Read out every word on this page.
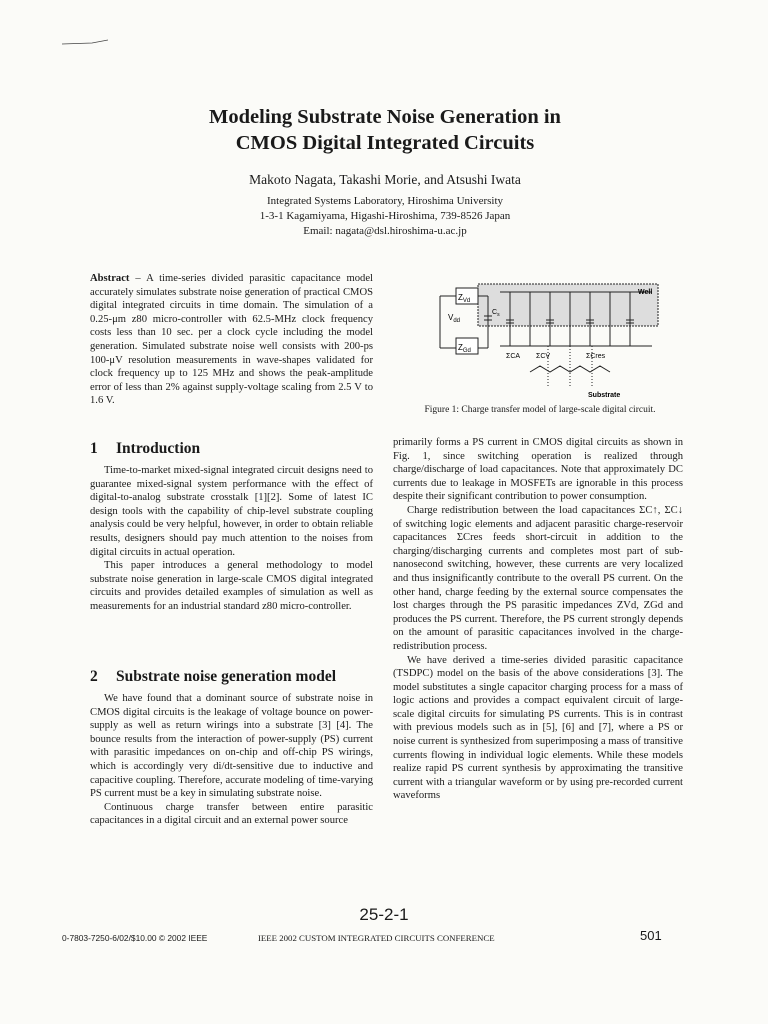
Modeling Substrate Noise Generation in
CMOS Digital Integrated Circuits
Makoto Nagata, Takashi Morie, and Atsushi Iwata
Integrated Systems Laboratory, Hiroshima University
1-3-1 Kagamiyama, Higashi-Hiroshima, 739-8526 Japan
Email: nagata@dsl.hiroshima-u.ac.jp

Abstract – A time-series divided parasitic capacitance model accurately simulates substrate noise generation of practical CMOS digital integrated circuits in time domain. The simulation of a 0.25-μm z80 micro-controller with 62.5-MHz clock frequency costs less than 10 sec. per a clock cycle including the model generation. Simulated substrate noise well consists with 200-ps 100-μV resolution measurements in wave-shapes validated for clock frequency up to 125 MHz and shows the peak-amplitude error of less than 2% against supply-voltage scaling from 2.5 V to 1.6 V.

1 Introduction

Time-to-market mixed-signal integrated circuit designs need to guarantee mixed-signal system performance with the effect of digital-to-analog substrate crosstalk [1][2]. Some of latest IC design tools with the capability of chip-level substrate coupling analysis could be very helpful, however, in order to obtain reliable results, designers should pay much attention to the noises from digital circuits in actual operation.

This paper introduces a general methodology to model substrate noise generation in large-scale CMOS digital integrated circuits and provides detailed examples of simulation as well as measurements for an industrial standard z80 micro-controller.

2 Substrate noise generation model

We have found that a dominant source of substrate noise in CMOS digital circuits is the leakage of voltage bounce on power-supply as well as return wirings into a substrate [3] [4]. The bounce results from the interaction of power-supply (PS) current with parasitic impedances on on-chip and off-chip PS wirings, which is accordingly very di/dt-sensitive due to inductive and capacitive coupling. Therefore, accurate modeling of time-varying PS current must be a key in simulating substrate noise.

Continuous charge transfer between entire parasitic capacitances in a digital circuit and an external power source

$Z_{Vd}$
$V_{dd}$
$C_s$
$Z_{Gd}$
Well
ΣCA ΣCV	ΣCres
Substrate
Figure 1: Charge transfer model of large-scale digital circuit.

primarily forms a PS current in CMOS digital circuits as shown in Fig. 1, since switching operation is realized through charge/discharge of load capacitances. Note that approximately DC currents due to leakage in MOSFETs are ignorable in this process despite their significant contribution to power consumption.

Charge redistribution between the load capacitances ΣC↑, ΣC↓ of switching logic elements and adjacent parasitic charge-reservoir capacitances ΣCres feeds short-circuit in addition to the charging/discharging currents and completes most part of sub-nanosecond switching, however, these currents are very localized and thus insignificantly contribute to the overall PS current. On the other hand, charge feeding by the external source compensates the lost charges through the PS parasitic impedances ZVd, ZGd and produces the PS current. Therefore, the PS current strongly depends on the amount of parasitic capacitances involved in the charge-redistribution process.

We have derived a time-series divided parasitic capacitance (TSDPC) model on the basis of the above considerations [3]. The model substitutes a single capacitor charging process for a mass of logic actions and provides a compact equivalent circuit of large-scale digital circuits for simulating PS currents. This is in contrast with previous models such as in [5], [6] and [7], where a PS or noise current is synthesized from superimposing a mass of transitive currents flowing in individual logic elements. While these models realize rapid PS current synthesis by approximating the transitive current with a triangular waveform or by using pre-recorded current waveforms

25-2-1
0-7803-7250-6/02/$10.00 © 2002 IEEE	IEEE 2002 CUSTOM INTEGRATED CIRCUITS CONFERENCE	501
